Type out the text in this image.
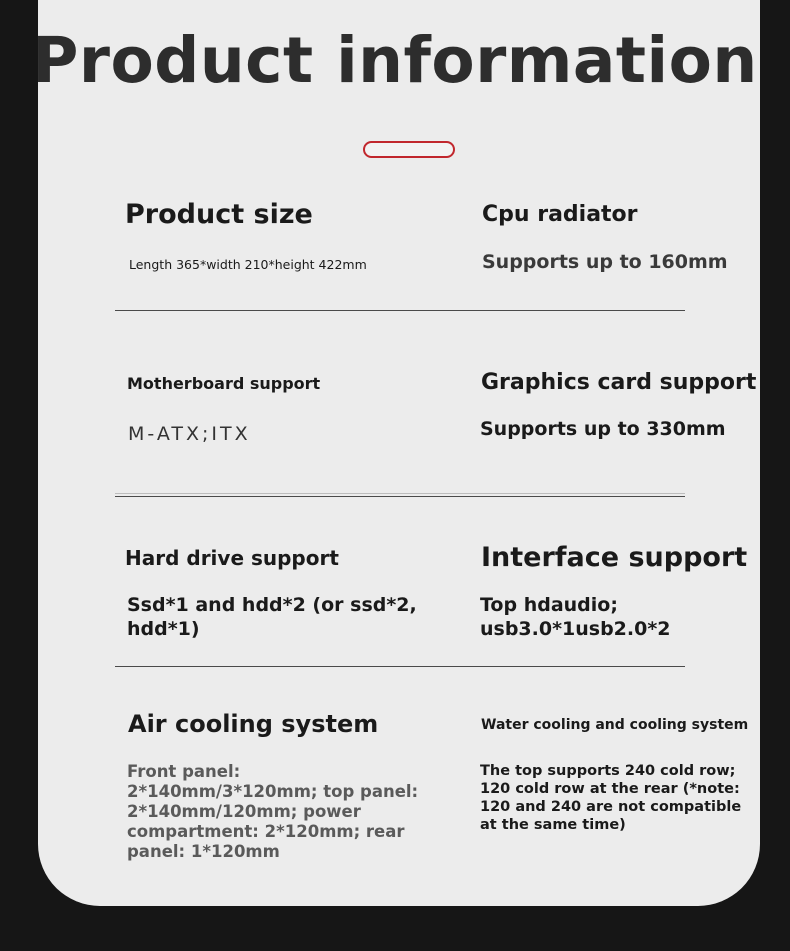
Product information

Product size

Length 365*width 210*height 422mm

Cpu radiator

Supports up to 160mm

Motherboard support

M-ATX;ITX

Graphics card support

Supports up to 330mm

Hard drive support

Ssd*1 and hdd*2 (or ssd*2, hdd*1)

Interface support

Top hdaudio; usb3.0*1usb2.0*2

Air cooling system

Front panel: 2*140mm/3*120mm; top panel: 2*140mm/120mm; power compartment: 2*120mm; rear panel: 1*120mm

Water cooling and cooling system

The top supports 240 cold row; 120 cold row at the rear (*note: 120 and 240 are not compatible at the same time)
